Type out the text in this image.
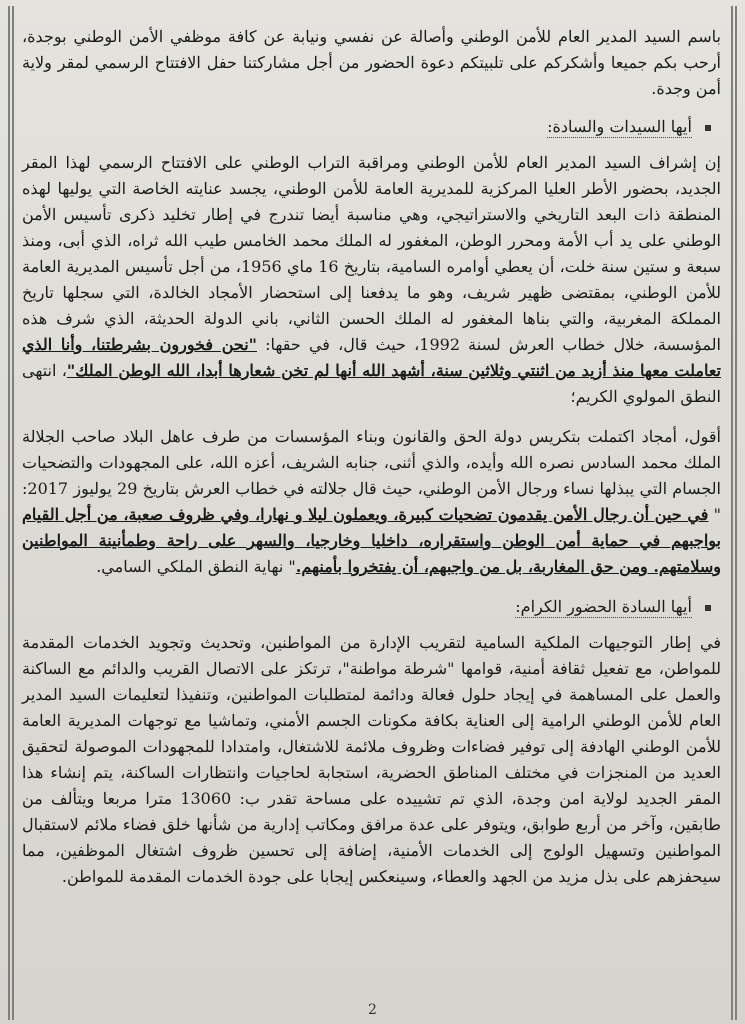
باسم السيد المدير العام للأمن الوطني وأصالة عن نفسي ونيابة عن كافة موظفي الأمن الوطني بوجدة، أرحب بكم جميعا وأشكركم على تلبيتكم دعوة الحضور من أجل مشاركتنا حفل الافتتاح الرسمي لمقر ولاية أمن وجدة.

أيها السيدات والسادة:

إن إشراف السيد المدير العام للأمن الوطني ومراقبة التراب الوطني على الافتتاح الرسمي لهذا المقر الجديد، بحضور الأطر العليا المركزية للمديرية العامة للأمن الوطني، يجسد عنايته الخاصة التي يوليها لهذه المنطقة ذات البعد التاريخي والاستراتيجي، وهي مناسبة أيضا تندرج في إطار تخليد ذكرى تأسيس الأمن الوطني على يد أب الأمة ومحرر الوطن، المغفور له الملك محمد الخامس طيب الله ثراه، الذي أبى، ومنذ سبعة و ستين سنة خلت، أن يعطي أوامره السامية، بتاريخ 16 ماي 1956، من أجل تأسيس المديرية العامة للأمن الوطني، بمقتضى ظهير شريف، وهو ما يدفعنا إلى استحضار الأمجاد الخالدة، التي سجلها تاريخ المملكة المغربية، والتي بناها المغفور له الملك الحسن الثاني، باني الدولة الحديثة، الذي شرف هذه المؤسسة، خلال خطاب العرش لسنة 1992، حيث قال، في حقها: "نحن فخورون بشرطتنا، وأنا الذي تعاملت معها منذ أزيد من اثنتي وثلاثين سنة، أشهد الله أنها لم تخن شعارها أبدا، الله الوطن الملك"، انتهى النطق المولوي الكريم؛

أقول، أمجاد اكتملت بتكريس دولة الحق والقانون وبناء المؤسسات من طرف عاهل البلاد صاحب الجلالة الملك محمد السادس نصره الله وأيده، والذي أثنى، جنابه الشريف، أعزه الله، على المجهودات والتضحيات الجسام التي يبذلها نساء ورجال الأمن الوطني، حيث قال جلالته في خطاب العرش بتاريخ 29 يوليوز 2017: " في حين أن رجال الأمن يقدمون تضحيات كبيرة، ويعملون ليلا و نهارا، وفي ظروف صعبة، من أجل القيام بواجبهم في حماية أمن الوطن واستقراره، داخليا وخارجيا، والسهر على راحة وطمأنينة المواطنين وسلامتهم. ومن حق المغاربة، بل من واجبهم، أن يفتخروا بأمنهم." نهاية النطق الملكي السامي.

أيها السادة الحضور الكرام:

في إطار التوجيهات الملكية السامية لتقريب الإدارة من المواطنين، وتحديث وتجويد الخدمات المقدمة للمواطن، مع تفعيل ثقافة أمنية، قوامها "شرطة مواطنة"، ترتكز على الاتصال القريب والدائم مع الساكنة والعمل على المساهمة في إيجاد حلول فعالة ودائمة لمتطلبات المواطنين، وتنفيذا لتعليمات السيد المدير العام للأمن الوطني الرامية إلى العناية بكافة مكونات الجسم الأمني، وتماشيا مع توجهات المديرية العامة للأمن الوطني الهادفة إلى توفير فضاءات وظروف ملائمة للاشتغال، وامتدادا للمجهودات الموصولة لتحقيق العديد من المنجزات في مختلف المناطق الحضرية، استجابة لحاجيات وانتظارات الساكنة، يتم إنشاء هذا المقر الجديد لولاية امن وجدة، الذي تم تشييده على مساحة تقدر ب: 13060 مترا مربعا ويتألف من طابقين، وآخر من أربع طوابق، ويتوفر على عدة مرافق ومكاتب إدارية من شأنها خلق فضاء ملائم لاستقبال المواطنين وتسهيل الولوج إلى الخدمات الأمنية، إضافة إلى تحسين ظروف اشتغال الموظفين، مما سيحفزهم على بذل مزيد من الجهد والعطاء، وسينعكس إيجابا على جودة الخدمات المقدمة للمواطن.

2
